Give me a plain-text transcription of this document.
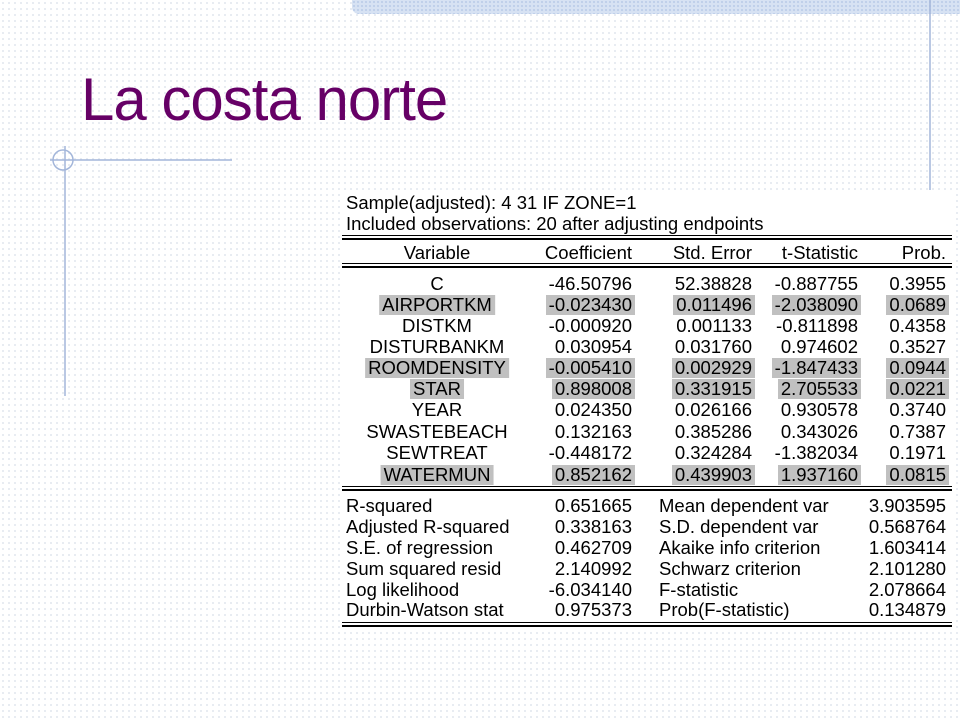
La costa norte
Sample(adjusted): 4 31 IF ZONE=1
Included observations: 20 after adjusting endpoints
Variable	Coefficient Std. Error t-Statistic Prob.
C	-46.50796 52.38828 -0.887755 0.3955
AIRPORTKM	-0.023430 0.011496 -2.038090 0.0689
DISTKM	-0.000920 0.001133 -0.811898 0.4358
DISTURBANKM	0.030954 0.031760 0.974602 0.3527
ROOMDENSITY -0.005410 0.002929 -1.847433 0.0944
STAR	0.898008 0.331915 2.705533 0.0221
YEAR	0.024350 0.026166 0.930578 0.3740
SWASTEBEACH	0.132163 0.385286 0.343026 0.7387
SEWTREAT	-0.448172 0.324284 -1.382034 0.1971
WATERMUN	0.852162 0.439903 1.937160 0.0815
R-squared	0.651665 Mean dependent var 3.903595
Adjusted R-squared 0.338163 S.D. dependent var	0.568764
S.E. of regression	0.462709 Akaike info criterion	1.603414
Sum squared resid	2.140992 Schwarz criterion	2.101280
Log likelihood	-6.034140 F-statistic	2.078664
Durbin-Watson stat	0.975373 Prob(F-statistic)	0.134879
